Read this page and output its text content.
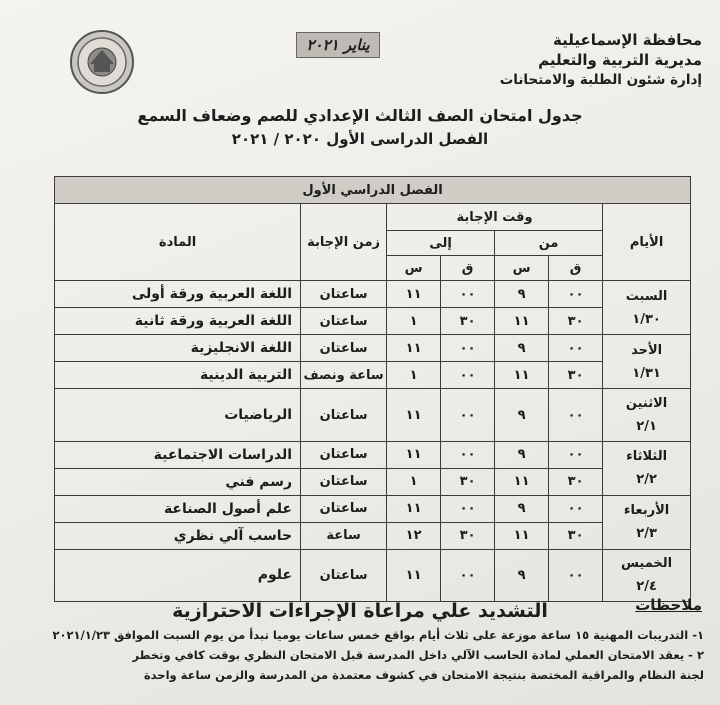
محافظة الإسماعيلية
مديرية التربية والتعليم
إدارة شئون الطلبة والامتحانات
يناير ٢٠٢١
جدول امتحان الصف الثالث الإعدادي للصم وضعاف السمع
الفصل الدراسى الأول ٢٠٢٠ / ٢٠٢١
الفصل الدراسي الأول						
الأيام	وقت الإجابة				زمن الإجابة	المادة
	من		إلى			
	ق	س	ق	س		
السبت
١/٣٠	٠٠	٩	٠٠	١١	ساعتان	اللغة العربية ورقة أولى
	٣٠	١١	٣٠	١	ساعتان	اللغة العربية ورقة ثانية
الأحد
١/٣١	٠٠	٩	٠٠	١١	ساعتان	اللغة الانجليزية
	٣٠	١١	٠٠	١	ساعة ونصف	التربية الدينية
الاثنين
٢/١	٠٠	٩	٠٠	١١	ساعتان	الرياضيات
الثلاثاء
٢/٢	٠٠	٩	٠٠	١١	ساعتان	الدراسات الاجتماعية
	٣٠	١١	٣٠	١	ساعتان	رسم فني
الأربعاء
٢/٣	٠٠	٩	٠٠	١١	ساعتان	علم أصول الصناعة
	٣٠	١١	٣٠	١٢	ساعة	حاسب آلي نظري
الخميس
٢/٤	٠٠	٩	٠٠	١١	ساعتان	علوم
ملاحظات
التشديد علي مراعاة الإجراءات الاحترازية
١- التدريبات المهنية ١٥ ساعة موزعة على ثلاث أيام بواقع خمس ساعات يوميا تبدأ من يوم السبت الموافق ٢٠٢١/١/٢٣
٢ - يعقد الامتحان العملي لمادة الحاسب الآلي داخل المدرسة قبل الامتحان النظري بوقت كافي وتخطر
لجنة النظام والمراقبة المختصة بنتيجة الامتحان في كشوف معتمدة من المدرسة والزمن ساعة واحدة
